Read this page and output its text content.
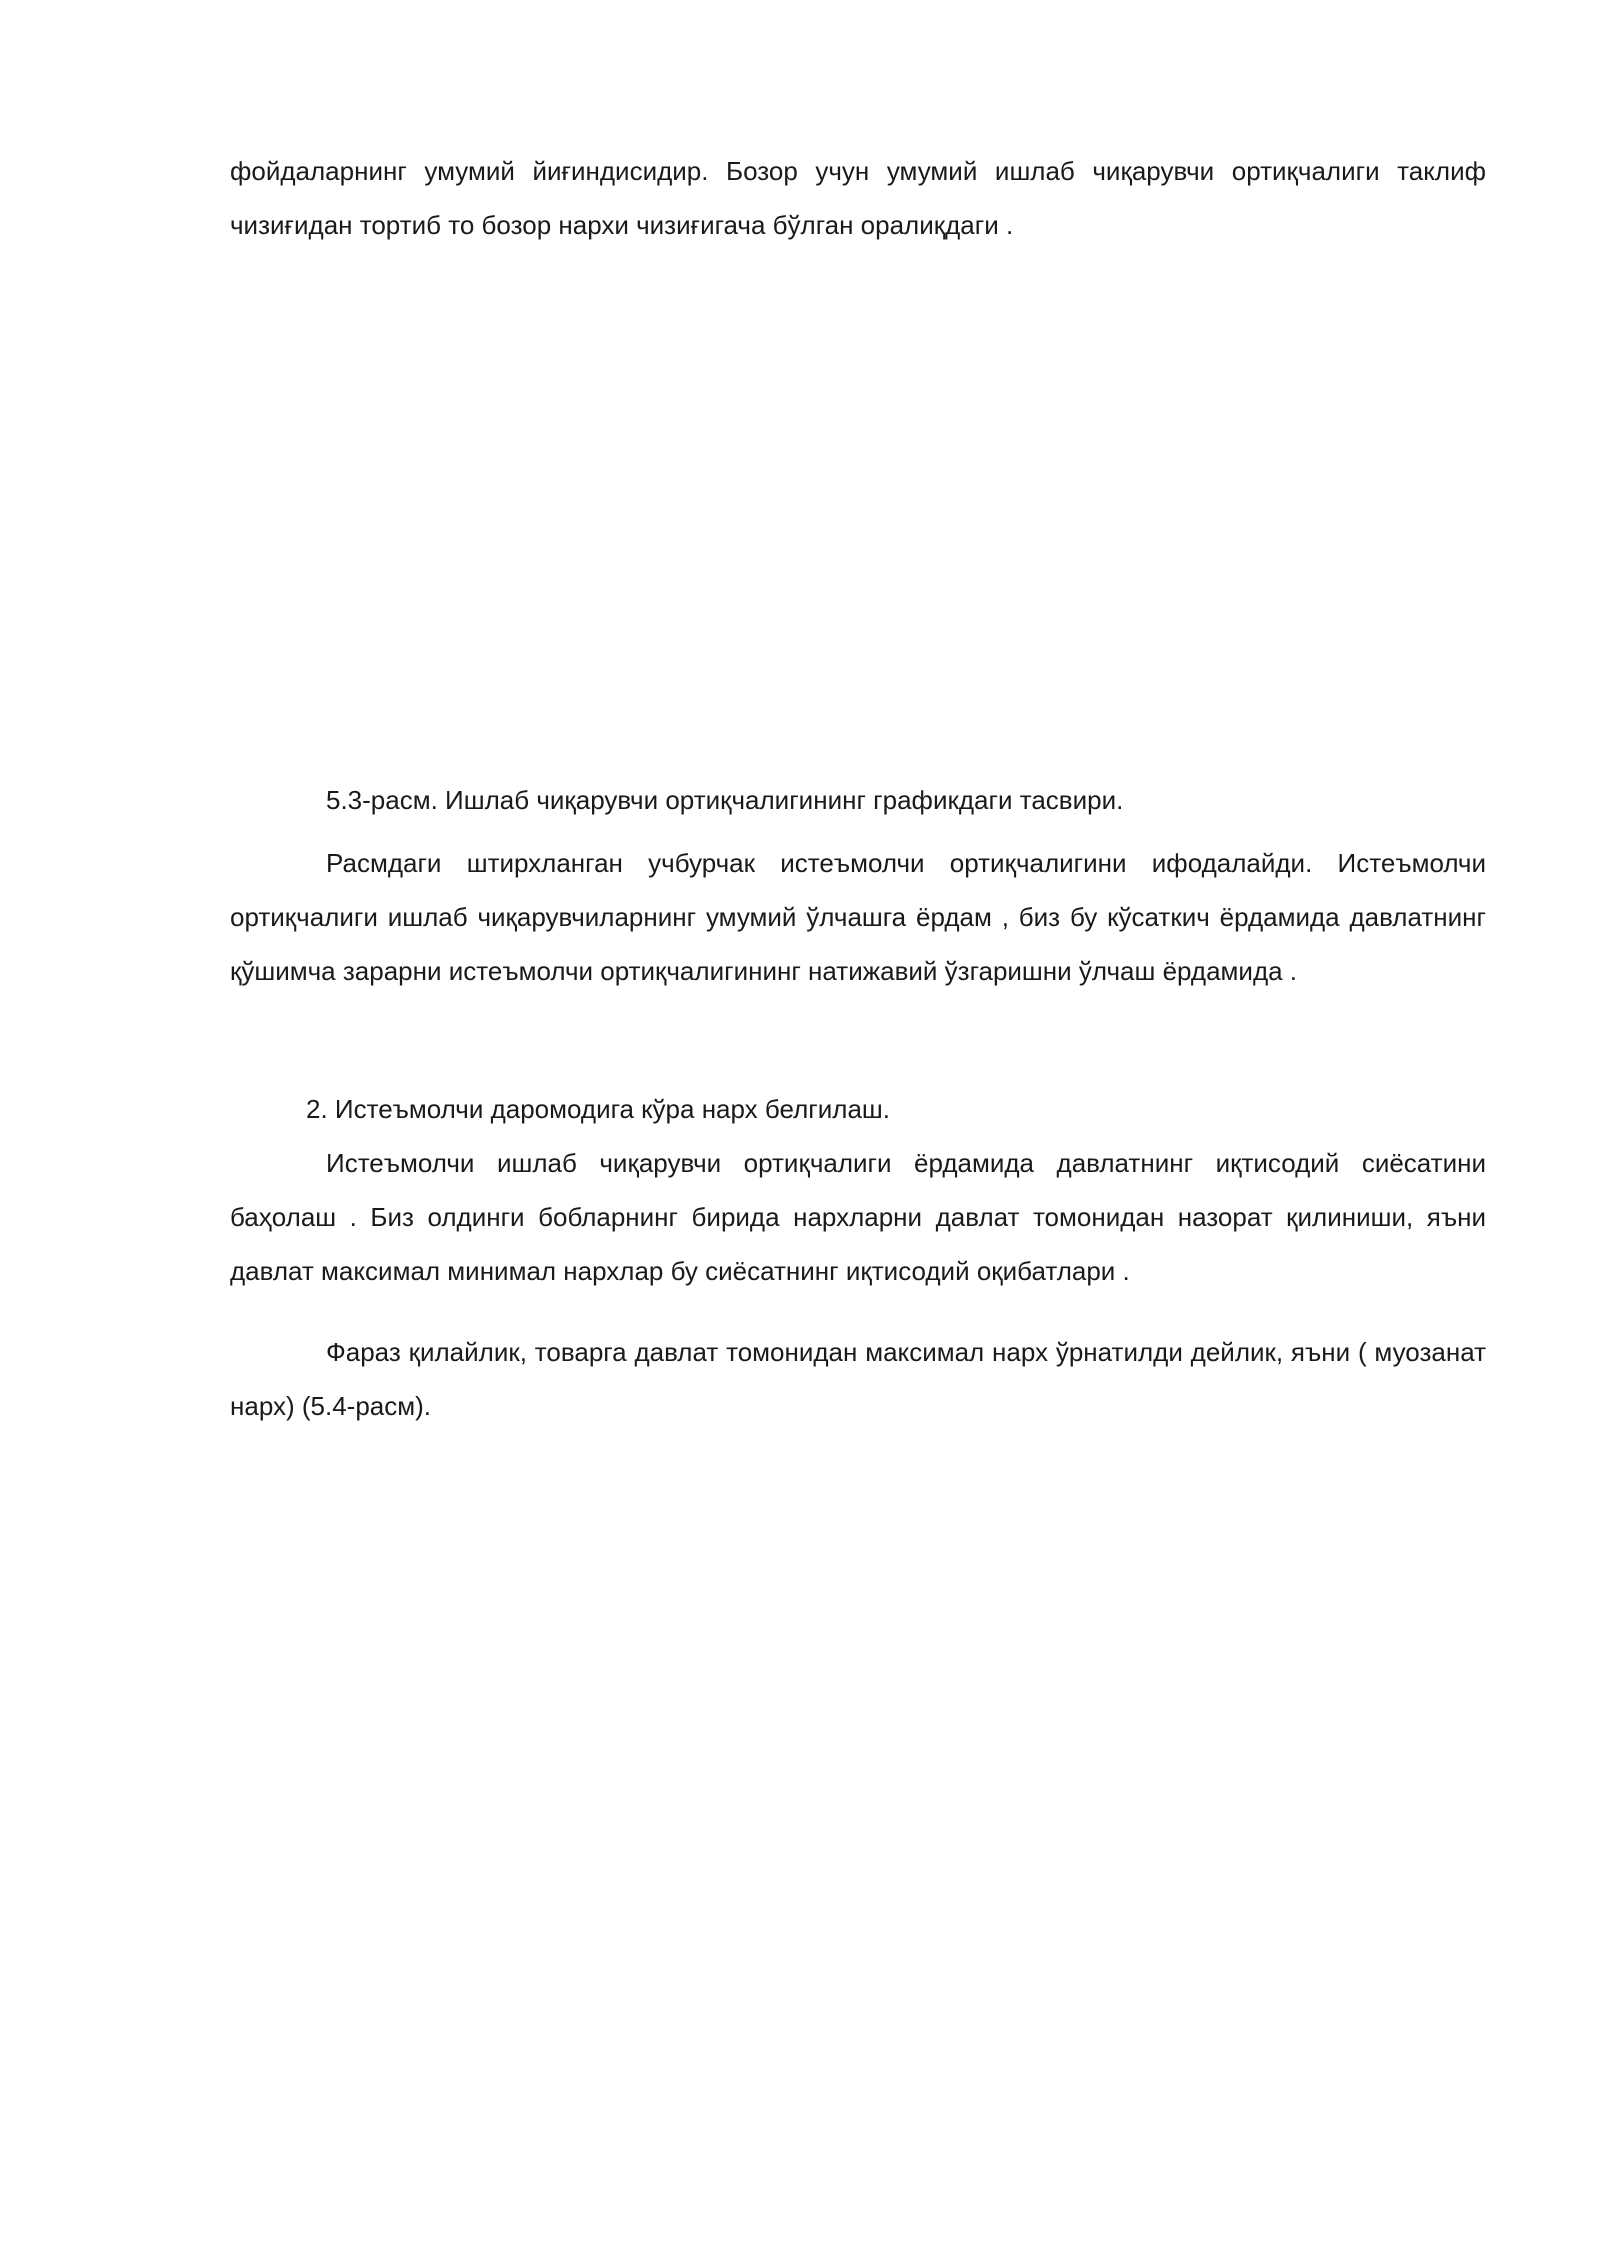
фойдаларнинг умумий йиғиндисидир. Бозор учун умумий ишлаб чиқарувчи ортиқчалиги таклиф чизиғидан тортиб то бозор нархи чизиғигача бўлган оралиқдаги .

5.3-расм. Ишлаб чиқарувчи ортиқчалигининг графикдаги тасвири.

Расмдаги штирхланган учбурчак истеъмолчи ортиқчалигини ифодалайди. Истеъмолчи ортиқчалиги ишлаб чиқарувчиларнинг умумий ўлчашга ёрдам , биз бу кўсаткич ёрдамида давлатнинг қўшимча зарарни истеъмолчи ортиқчалигининг натижавий ўзгаришни ўлчаш ёрдамида .

2. Истеъмолчи даромодига кўра нарх белгилаш.

Истеъмолчи ишлаб чиқарувчи ортиқчалиги ёрдамида давлатнинг иқтисодий сиёсатини баҳолаш . Биз олдинги бобларнинг бирида нархларни давлат томонидан назорат қилиниши, яъни давлат максимал минимал нархлар бу сиёсатнинг иқтисодий оқибатлари .

Фараз қилайлик, товарга давлат томонидан максимал нарх ўрнатилди дейлик, яъни ( муозанат нарх) (5.4-расм).
